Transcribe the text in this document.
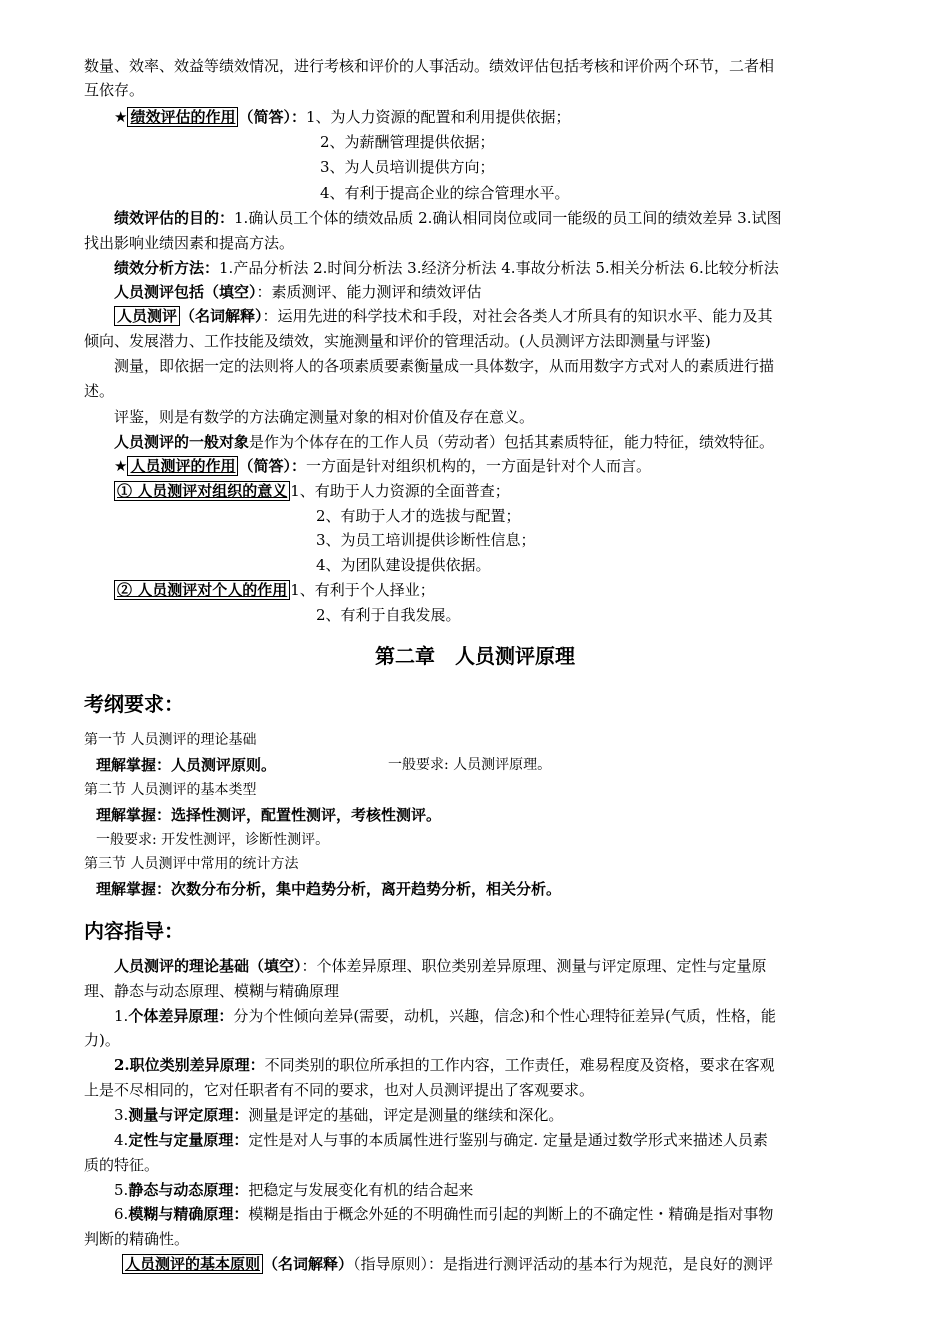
数量、效率、效益等绩效情况，进行考核和评价的人事活动。绩效评估包括考核和评价两个环节，二者相
互依存。
★ 绩效评估的作用 （简答）：1、为人力资源的配置和利用提供依据；
2、为薪酬管理提供依据；
3、为人员培训提供方向；
4、有利于提高企业的综合管理水平。
绩效评估的目的：1.确认员工个体的绩效品质 2.确认相同岗位或同一能级的员工间的绩效差异 3.试图
找出影响业绩因素和提高方法。
绩效分析方法：1.产品分析法 2.时间分析法 3.经济分析法 4.事故分析法 5.相关分析法 6.比较分析法
人员测评包括（填空）：素质测评、能力测评和绩效评估
人员测评 （名词解释）：运用先进的科学技术和手段，对社会各类人才所具有的知识水平、能力及其
倾向、发展潜力、工作技能及绩效，实施测量和评价的管理活动。(人员测评方法即测量与评鉴)
测量，即依据一定的法则将人的各项素质要素衡量成一具体数字，从而用数字方式对人的素质进行描
述。
评鉴，则是有数学的方法确定测量对象的相对价值及存在意义。
人员测评的一般对象是作为个体存在的工作人员（劳动者）包括其素质特征，能力特征，绩效特征。
★ 人员测评的作用 （简答）：一方面是针对组织机构的，一方面是针对个人而言。
① 人员测评对组织的意义 1、有助于人力资源的全面普查；
2、有助于人才的选拔与配置；
3、为员工培训提供诊断性信息；
4、为团队建设提供依据。
② 人员测评对个人的作用 1、有利于个人择业；
2、有利于自我发展。
第二章　人员测评原理
考纲要求：
第一节 人员测评的理论基础
理解掌握：人员测评原则。	一般要求: 人员测评原理。
第二节 人员测评的基本类型
理解掌握：选择性测评，配置性测评，考核性测评。
一般要求: 开发性测评，诊断性测评。
第三节 人员测评中常用的统计方法
理解掌握：次数分布分析，集中趋势分析，离开趋势分析，相关分析。
内容指导：
人员测评的理论基础（填空）：个体差异原理、职位类别差异原理、测量与评定原理、定性与定量原
理、静态与动态原理、模糊与精确原理
1.个体差异原理：分为个性倾向差异(需要，动机，兴趣，信念)和个性心理特征差异(气质，性格，能
力)。
2.职位类别差异原理：不同类别的职位所承担的工作内容，工作责任，难易程度及资格，要求在客观
上是不尽相同的，它对任职者有不同的要求，也对人员测评提出了客观要求。
3.测量与评定原理：测量是评定的基础，评定是测量的继续和深化。
4.定性与定量原理：定性是对人与事的本质属性进行鉴别与确定. 定量是通过数学形式来描述人员素
质的特征。
5.静态与动态原理：把稳定与发展变化有机的结合起来
6.模糊与精确原理：模糊是指由于概念外延的不明确性而引起的判断上的不确定性・精确是指对事物
判断的精确性。
人员测评的基本原则 （名词解释）（指导原则）：是指进行测评活动的基本行为规范，是良好的测评
